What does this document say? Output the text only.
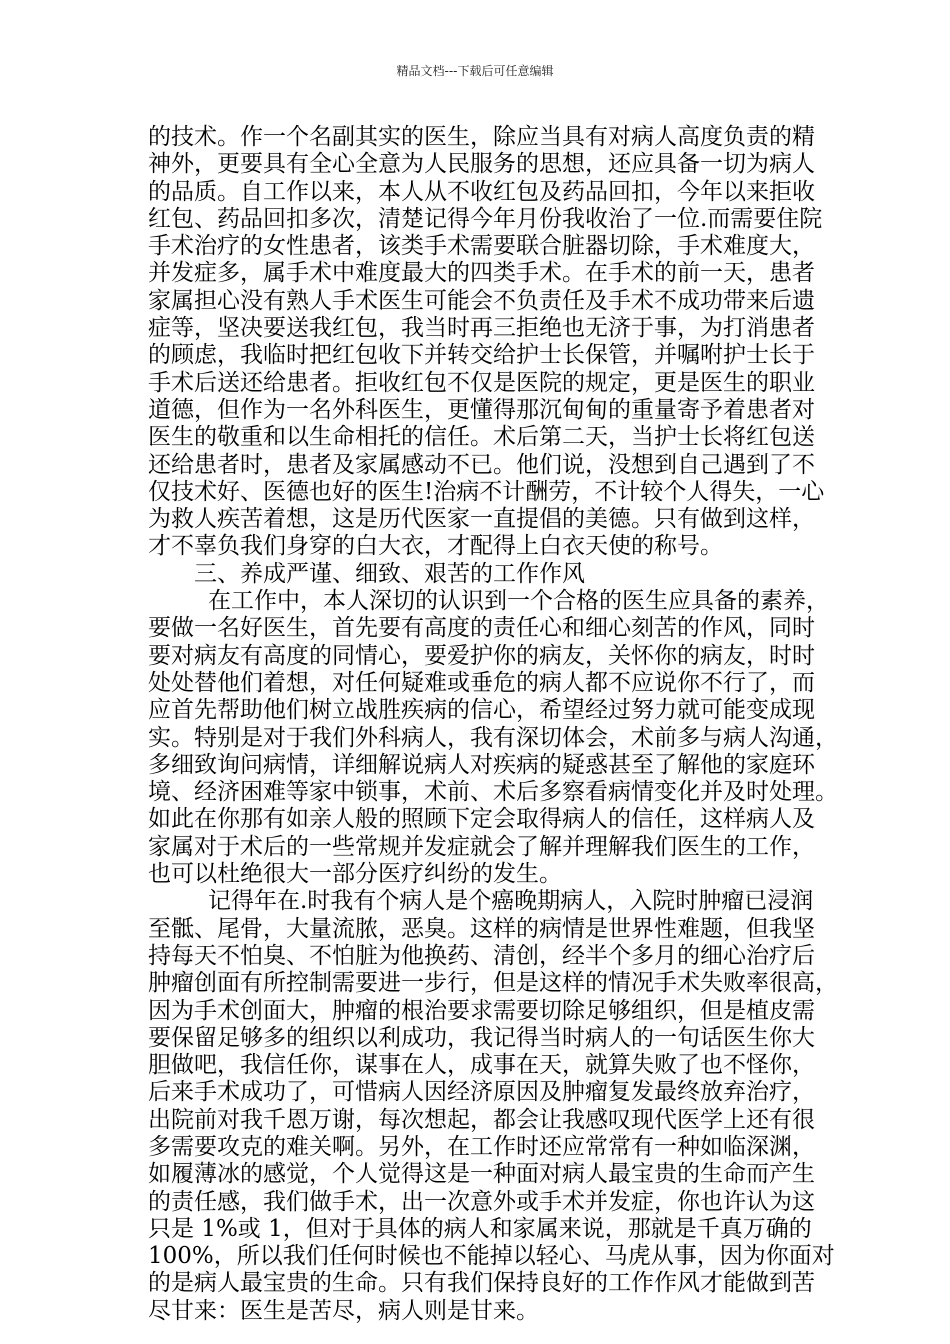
精品文档---下载后可任意编辑
的技术。作一个名副其实的医生，除应当具有对病人高度负责的精
神外，更要具有全心全意为人民服务的思想，还应具备一切为病人
的品质。自工作以来，本人从不收红包及药品回扣，今年以来拒收
红包、药品回扣多次，清楚记得今年月份我收治了一位.而需要住院
手术治疗的女性患者，该类手术需要联合脏器切除，手术难度大，
并发症多，属手术中难度最大的四类手术。在手术的前一天，患者
家属担心没有熟人手术医生可能会不负责任及手术不成功带来后遗
症等，坚决要送我红包，我当时再三拒绝也无济于事，为打消患者
的顾虑，我临时把红包收下并转交给护士长保管，并嘱咐护士长于
手术后送还给患者。拒收红包不仅是医院的规定，更是医生的职业
道德，但作为一名外科医生，更懂得那沉甸甸的重量寄予着患者对
医生的敬重和以生命相托的信任。术后第二天，当护士长将红包送
还给患者时，患者及家属感动不已。他们说，没想到自己遇到了不
仅技术好、医德也好的医生!治病不计酬劳，不计较个人得失，一心
为救人疾苦着想，这是历代医家一直提倡的美德。只有做到这样，
才不辜负我们身穿的白大衣，才配得上白衣天使的称号。
三、养成严谨、细致、艰苦的工作作风
在工作中，本人深切的认识到一个合格的医生应具备的素养，
要做一名好医生，首先要有高度的责任心和细心刻苦的作风，同时
要对病友有高度的同情心，要爱护你的病友，关怀你的病友，时时
处处替他们着想，对任何疑难或垂危的病人都不应说你不行了，而
应首先帮助他们树立战胜疾病的信心，希望经过努力就可能变成现
实。特别是对于我们外科病人，我有深切体会，术前多与病人沟通，
多细致询问病情，详细解说病人对疾病的疑惑甚至了解他的家庭环
境、经济困难等家中锁事，术前、术后多察看病情变化并及时处理。
如此在你那有如亲人般的照顾下定会取得病人的信任，这样病人及
家属对于术后的一些常规并发症就会了解并理解我们医生的工作，
也可以杜绝很大一部分医疗纠纷的发生。
记得年在.时我有个病人是个癌晚期病人，入院时肿瘤已浸润
至骶、尾骨，大量流脓，恶臭。这样的病情是世界性难题，但我坚
持每天不怕臭、不怕脏为他换药、清创，经半个多月的细心治疗后
肿瘤创面有所控制需要进一步行，但是这样的情况手术失败率很高，
因为手术创面大，肿瘤的根治要求需要切除足够组织，但是植皮需
要保留足够多的组织以利成功，我记得当时病人的一句话医生你大
胆做吧，我信任你，谋事在人，成事在天，就算失败了也不怪你，
后来手术成功了，可惜病人因经济原因及肿瘤复发最终放弃治疗，
出院前对我千恩万谢，每次想起，都会让我感叹现代医学上还有很
多需要攻克的难关啊。另外，在工作时还应常常有一种如临深渊，
如履薄冰的感觉，个人觉得这是一种面对病人最宝贵的生命而产生
的责任感，我们做手术，出一次意外或手术并发症，你也许认为这
只是 1%或 1，但对于具体的病人和家属来说，那就是千真万确的
100%，所以我们任何时候也不能掉以轻心、马虎从事，因为你面对
的是病人最宝贵的生命。只有我们保持良好的工作作风才能做到苦
尽甘来：医生是苦尽，病人则是甘来。
